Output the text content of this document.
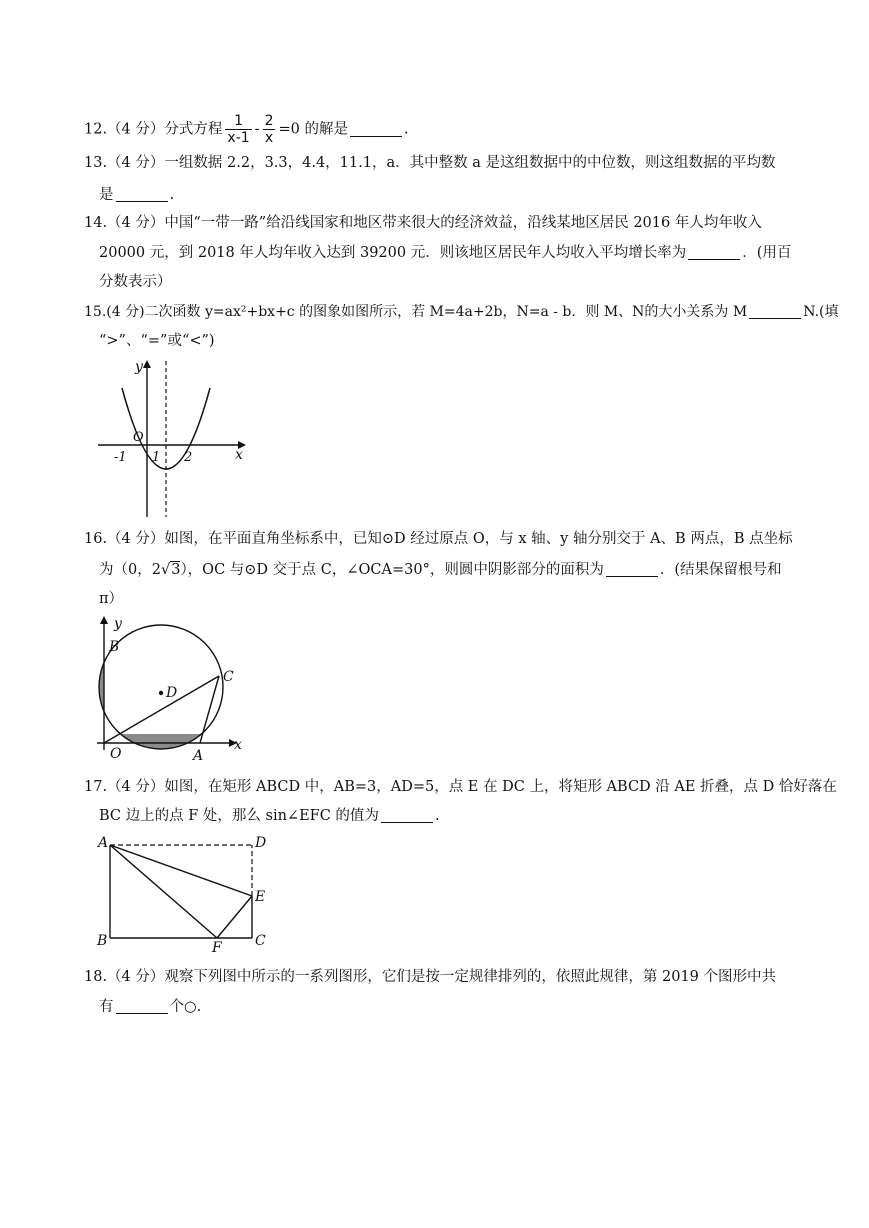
12.（4 分）分式方程 $\frac{1}{x-1} - \frac{2}{x} =0$ 的解是	.
13.（4 分）一组数据 2.2，3.3，4.4，11.1，a．其中整数 a 是这组数据中的中位数，则这组数据的平均数
是	.
14.（4 分）中国“一带一路”给沿线国家和地区带来很大的经济效益，沿线某地区居民 2016 年人均年收入
20000 元，到 2018 年人均年收入达到 39200 元．则该地区居民年人均收入平均增长率为	．(用百
分数表示）
15.(4 分)二次函数 y=ax²+bx+c 的图象如图所示，若 M=4a+2b，N=a - b．则 M、N的大小关系为 M	N.(填
“>”、“=”或“<”)
y
x
O
-1 1 2
16.（4 分）如图，在平面直角坐标系中，已知⊙D 经过原点 O，与 x 轴、y 轴分别交于 A、B 两点，B 点坐标
为（0，2√3），OC 与⊙D 交于点 C，∠OCA=30°，则圆中阴影部分的面积为	．(结果保留根号和
π）
y
x
B
C
D
O	A
17.（4 分）如图，在矩形 ABCD 中，AB=3，AD=5，点 E 在 DC 上，将矩形 ABCD 沿 AE 折叠，点 D 恰好落在
BC 边上的点 F 处，那么 sin∠EFC 的值为	.
A	D
E
B	F C
18.（4 分）观察下列图中所示的一系列图形，它们是按一定规律排列的，依照此规律，第 2019 个图形中共
有	个○.
